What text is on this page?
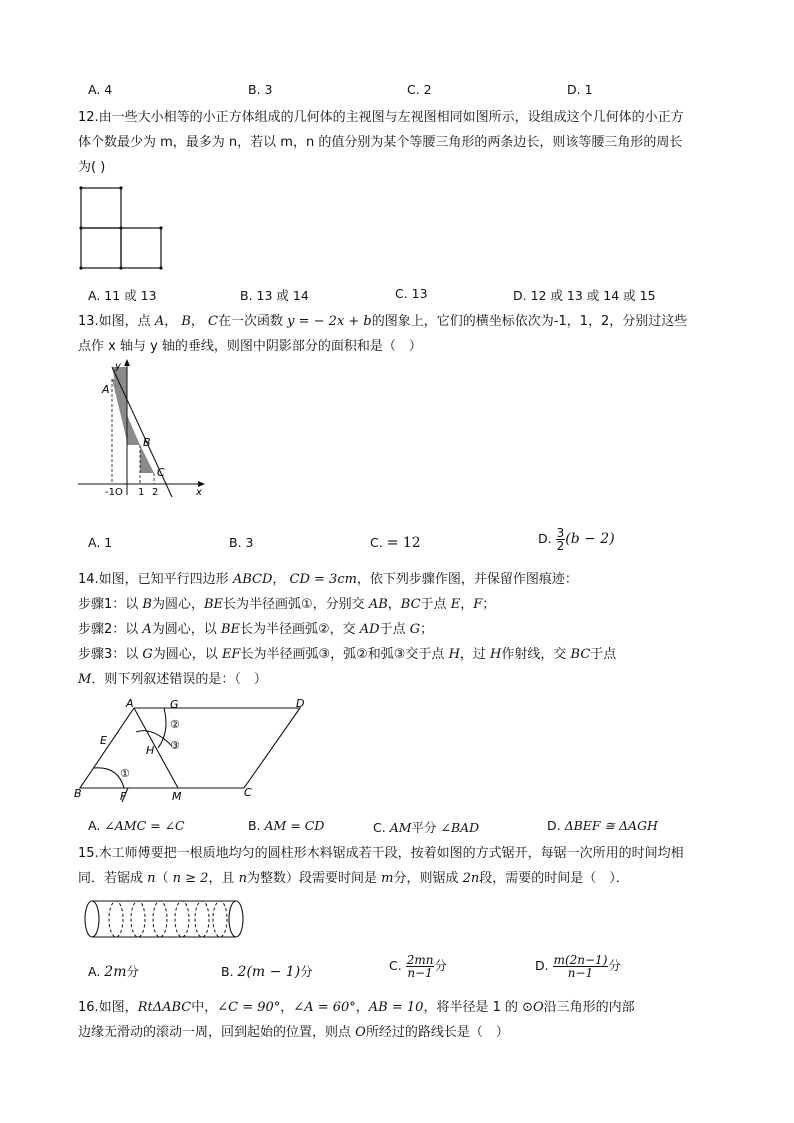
A. 4	B. 3	C. 2	D. 1
12.由一些大小相等的小正方体组成的几何体的主视图与左视图相同如图所示，设组成这个几何体的小正方
体个数最少为 m，最多为 n，若以 m，n 的值分别为某个等腰三角形的两条边长，则该等腰三角形的周长
为( )
A. 11 或 13	B. 13 或 14	C. 13	D. 12 或 13 或 14 或 15
13.如图，点 A， B， C在一次函数 y = − 2x + b的图象上，它们的横坐标依次为-1，1，2，分别过这些
点作 x 轴与 y 轴的垂线，则图中阴影部分的面积和是（　）
y
A
B
C
x
-1O 1 2
A. 1	B. 3	C. = 12	D. $\frac{3}{2} (b - 2)$
14.如图，已知平行四边形 ABCD， CD = 3cm，依下列步骤作图，并保留作图痕迹：
步骤1：以 B为圆心，BE长为半径画弧①，分别交 AB，BC于点 E，F；
步骤2：以 A为圆心，以 BE长为半径画弧②，交 AD于点 G；
步骤3：以 G为圆心，以 EF长为半径画弧③，弧②和弧③交于点 H，过 H作射线，交 BC于点
M．则下列叙述错误的是：（　）
A	G	D
E
H
B	F	M	C
①
②
③
A. ∠AMC = ∠C	B. AM = CD	C. AM平分 ∠BAD	D. ΔBEF ≅ ΔAGH
15.木工师傅要把一根质地均匀的圆柱形木料锯成若干段，按着如图的方式锯开，每锯一次所用的时间均相
同．若锯成 n（ n ≥ 2，且 n为整数）段需要时间是 m分，则锯成 2n段，需要的时间是（　）．
A. 2m分	B. 2(m − 1)分	C. $\frac{2mn}{n-1}$ 分	D. $\frac{m(2n-1)}{n-1}$ 分
16.如图，RtΔABC中，∠C = 90°，∠A = 60°，AB = 10，将半径是 1 的 ⊙O沿三角形的内部
边缘无滑动的滚动一周，回到起始的位置，则点 O所经过的路线长是（　）
